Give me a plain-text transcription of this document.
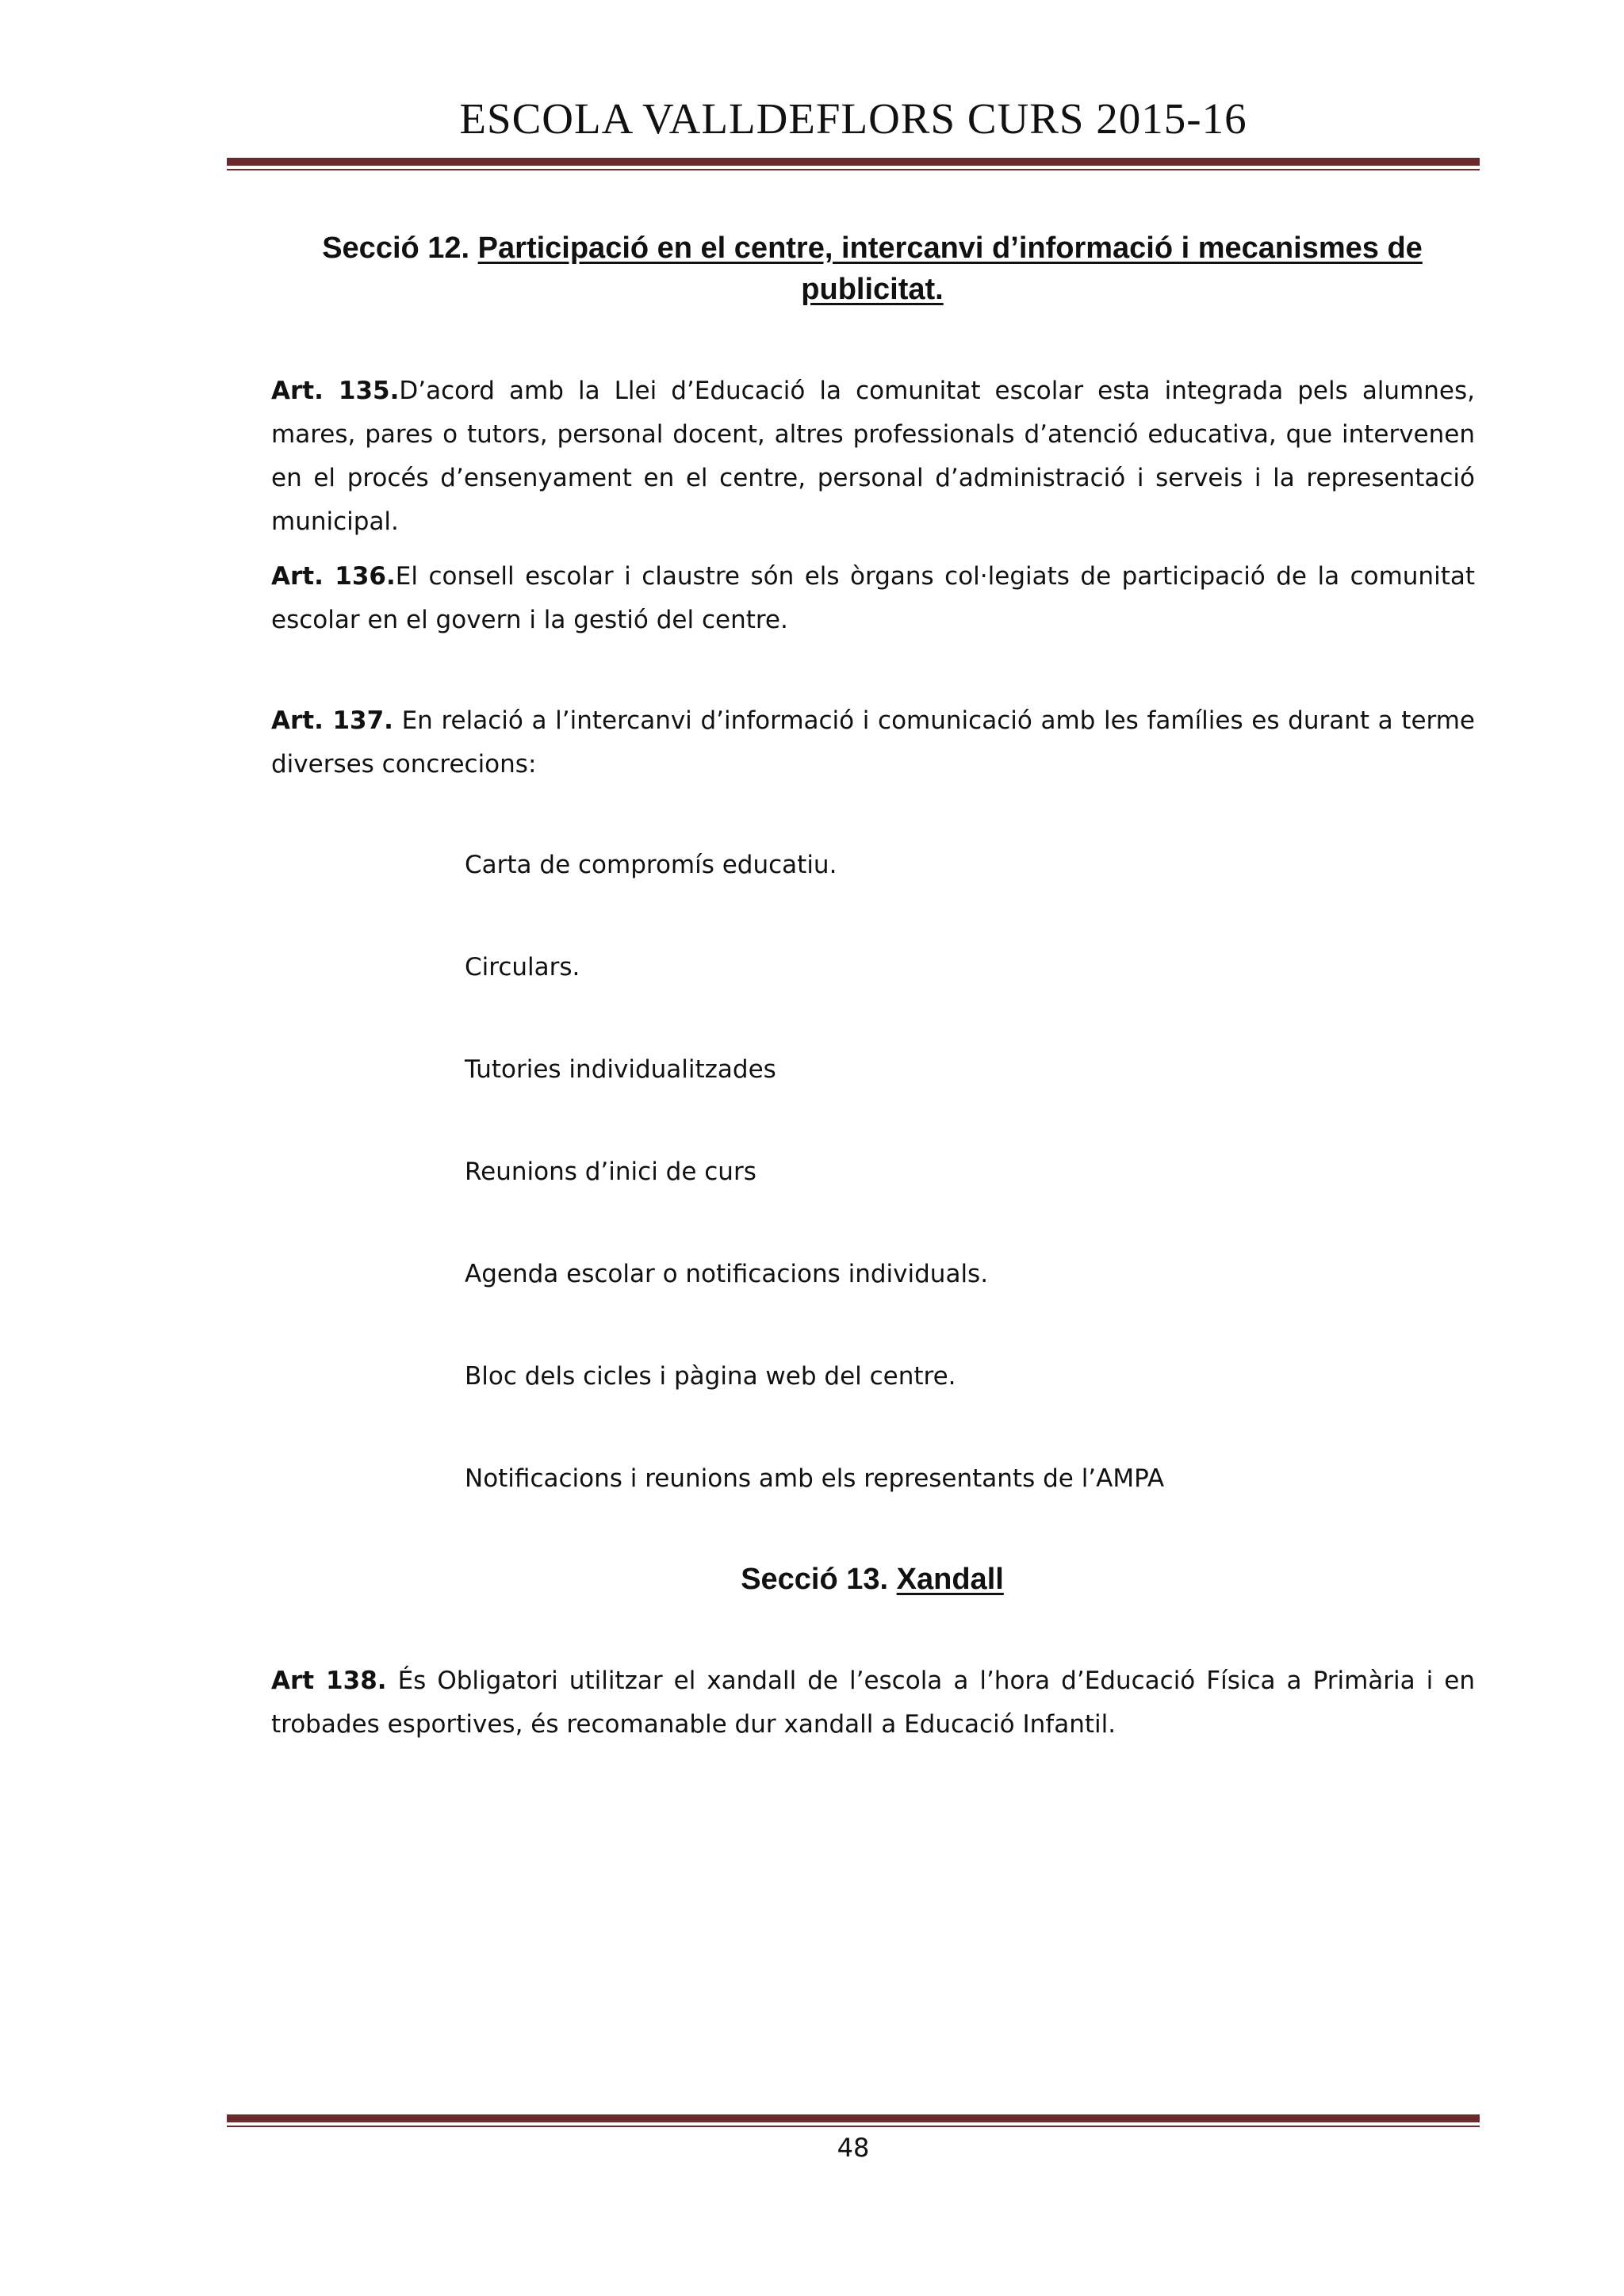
ESCOLA VALLDEFLORS CURS 2015-16
Secció 12. Participació en el centre, intercanvi d’informació i mecanismes de publicitat.
Art. 135.D’acord amb la Llei d’Educació la comunitat escolar esta integrada pels alumnes, mares, pares o tutors, personal docent, altres professionals d’atenció educativa, que intervenen en el procés d’ensenyament en el centre, personal d’administració i serveis i la representació municipal.
Art. 136.El consell escolar i claustre són els òrgans col·legiats de participació de la comunitat escolar en el govern i la gestió del centre.
Art. 137. En relació a l’intercanvi d’informació i comunicació amb les famílies es durant a terme diverses concrecions:
Carta de compromís educatiu.
Circulars.
Tutories individualitzades
Reunions d’inici de curs
Agenda escolar o notificacions individuals.
Bloc dels cicles i pàgina web del centre.
Notificacions i reunions amb els representants de l’AMPA
Secció 13. Xandall
Art 138. És Obligatori utilitzar el xandall de l’escola a l’hora d’Educació Física a Primària i en trobades esportives, és recomanable dur xandall a Educació Infantil.
48
